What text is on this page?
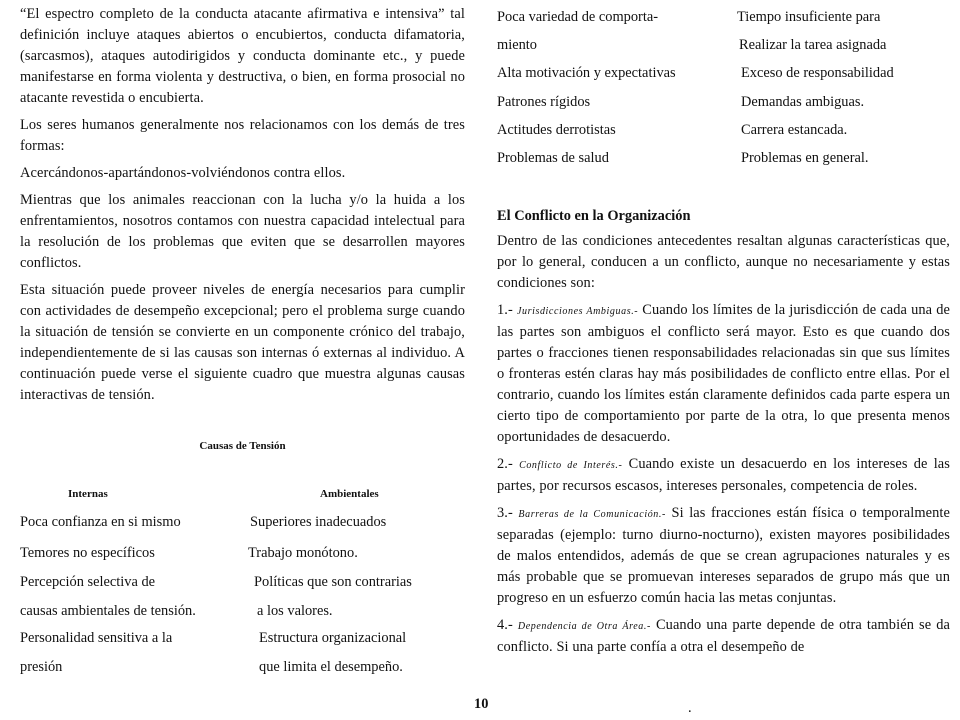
“El espectro completo de la conducta atacante afirmativa e intensiva” tal definición incluye ataques abiertos o encubiertos, conducta difamatoria, (sarcasmos), ataques autodirigidos y conducta dominante etc., y puede manifestarse en forma violenta y destructiva, o bien, en forma prosocial no atacante revestida o encubierta.

Los seres humanos generalmente nos relacionamos con los demás de tres formas:

Acercándonos-apartándonos-volviéndonos contra ellos.

Mientras que los animales reaccionan con la lucha y/o la huida a los enfrentamientos, nosotros contamos con nuestra capacidad intelectual para la resolución de los problemas que eviten que se desarrollen mayores conflictos.

Esta situación puede proveer niveles de energía necesarios para cumplir con actividades de desempeño excepcional; pero el problema surge cuando la situación de tensión se convierte en un componente crónico del trabajo, independientemente de si las causas son internas ó externas al individuo. A continuación puede verse el siguiente cuadro que muestra algunas causas interactivas de tensión.

Causas de Tensión
Internas	Ambientales
Poca confianza en si mismo	Superiores inadecuados
Temores no específicos	Trabajo monótono.
Percepción selectiva de	Políticas que son contrarias
causas ambientales de tensión.	a los valores.
Personalidad sensitiva a la	Estructura organizacional
presión	que limita el desempeño.
Poca variedad de comporta-	Tiempo insuficiente para
miento	Realizar la tarea asignada
Alta motivación y expectativas	Exceso de responsabilidad
Patrones rígidos	Demandas ambiguas.
Actitudes derrotistas	Carrera estancada.
Problemas de salud	Problemas en general.

El Conflicto en la Organización

Dentro de las condiciones antecedentes resaltan algunas características que, por lo general, conducen a un conflicto, aunque no necesariamente y estas condiciones son:

1.- Jurisdicciones Ambiguas.- Cuando los límites de la jurisdicción de cada una de las partes son ambiguos el conflicto será mayor. Esto es que cuando dos partes o fracciones tienen responsabilidades relacionadas sin que sus límites o fronteras estén claras hay más posibilidades de conflicto entre ellas. Por el contrario, cuando los límites están claramente definidos cada parte espera un cierto tipo de comportamiento por parte de la otra, lo que presenta menos oportunidades de desacuerdo.

2.- Conflicto de Interés.- Cuando existe un desacuerdo en los intereses de las partes, por recursos escasos, intereses personales, competencia de roles.

3.- Barreras de la Comunicación.- Si las fracciones están física o temporalmente separadas (ejemplo: turno diurno-nocturno), existen mayores posibilidades de malos entendidos, además de que se crean agrupaciones naturales y es más probable que se promuevan intereses separados de grupo más que un progreso en un esfuerzo común hacia las metas conjuntas.

4.- Dependencia de Otra Área.- Cuando una parte depende de otra también se da conflicto. Si una parte confía a otra el desempeño de

10	.
